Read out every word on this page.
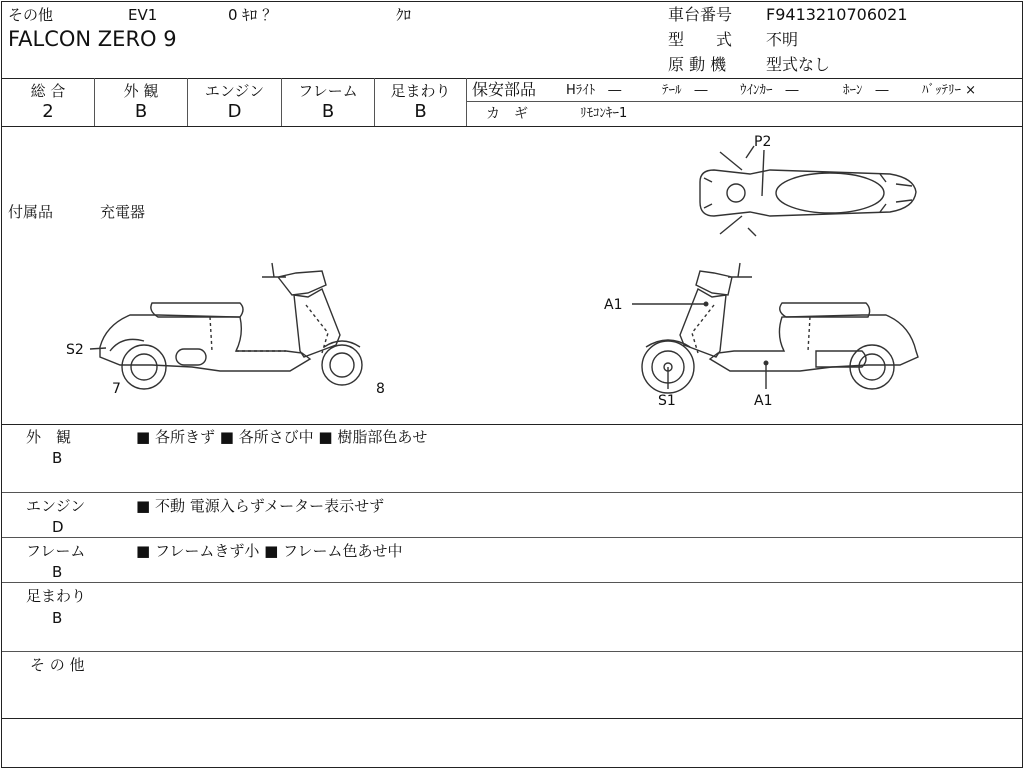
その他	EV1	0 ｷﾛ ？	ｸﾛ
FALCON ZERO 9
車台番号 F9413210706021
型　　式 不明
原 動 機 型式なし
総 合	外 観	エンジン	フレーム	足まわり
2	B	D	B	B
保安部品 Hﾗｲﾄ　―	ﾃｰﾙ　― ｳｲﾝｶｰ　―	ﾎｰﾝ　―	ﾊﾞｯﾃﾘｰ ×
カ　ギ	ﾘﾓｺﾝｷｰ1
付属品	充電器
S2
7	8
P2
A1
S1	A1
外　観
B
■ 各所きず ■ 各所さび中 ■ 樹脂部色あせ
エンジン
D
■ 不動 電源入らずメーター表示せず
フレーム
B
■ フレームきず小 ■ フレーム色あせ中
足まわり
B
そ の 他
